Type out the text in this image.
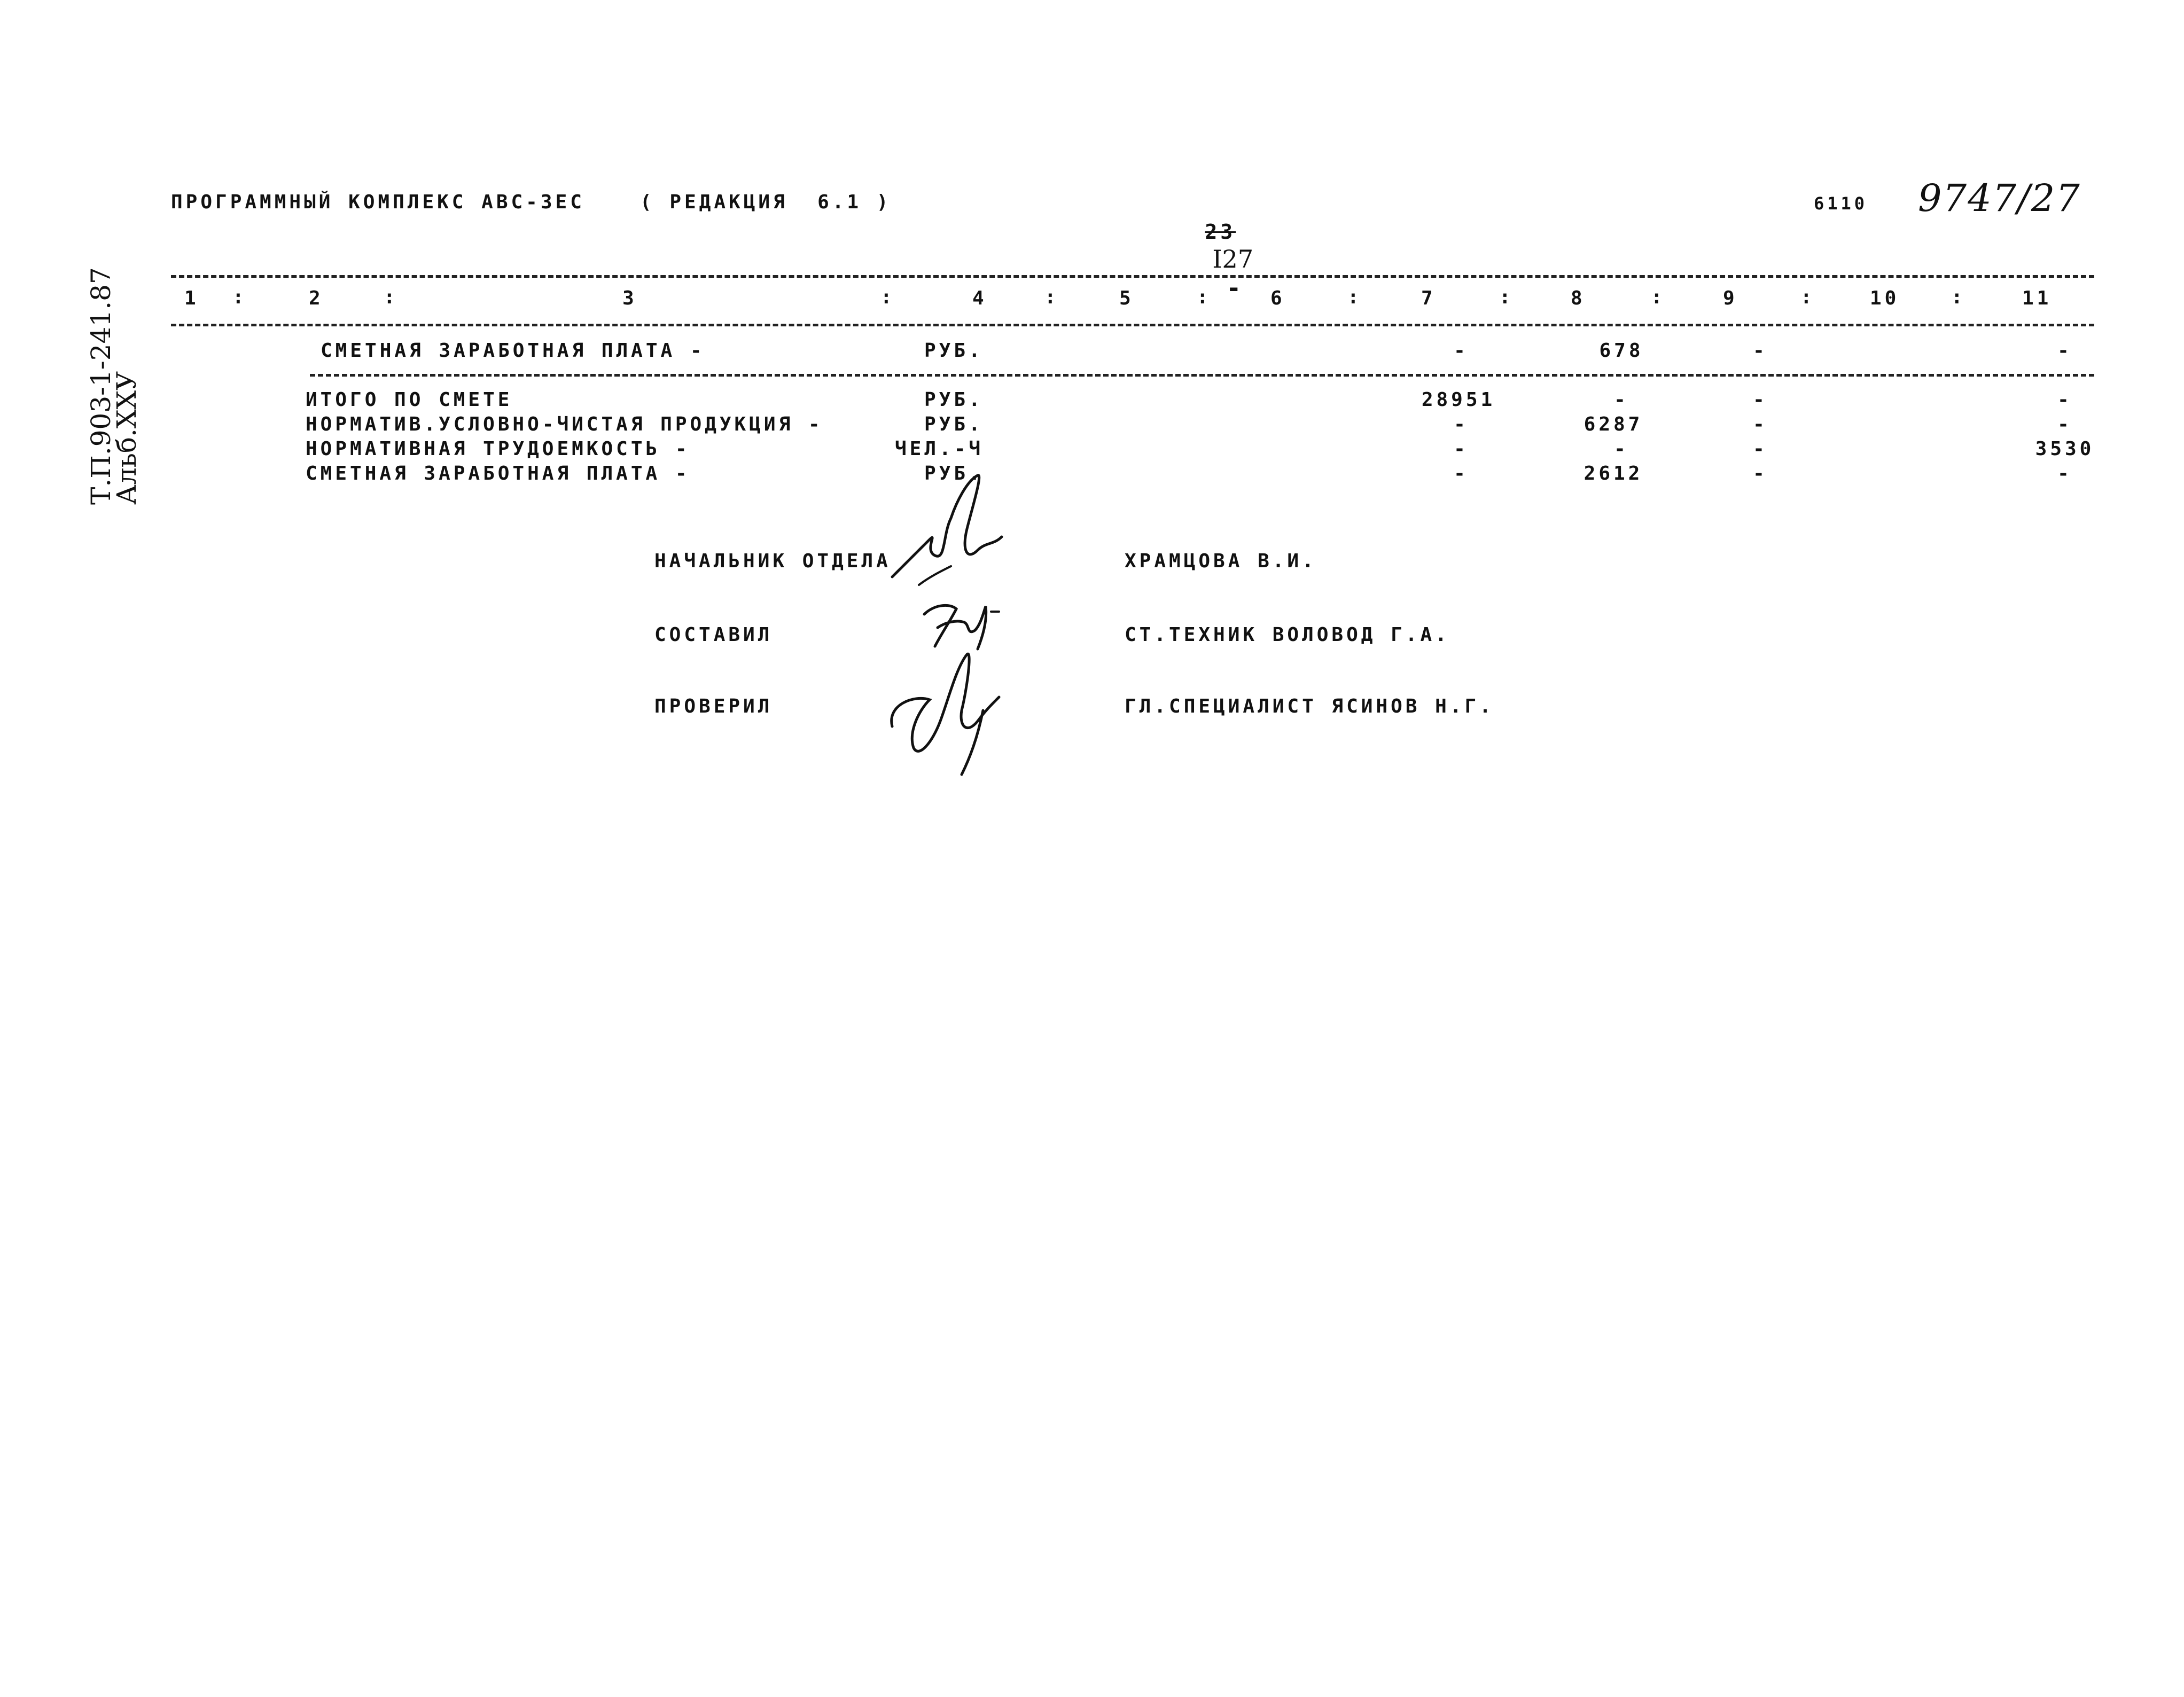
Т.П.903-1-241.87
Альб.XXУ
ПРОГРАММНЫЙ КОМПЛЕКС АВС-3ЕС	( РЕДАКЦИЯ  6.1 )

23
I27
-

6110 9747/27
1 :	2	:	3	:	4	:	5	:	6	:	7	:	8	:	9	:	10	:	11
СМЕТНАЯ ЗАРАБОТНАЯ ПЛАТА -	РУБ.	-	678	-	-
ИТОГО ПО СМЕТЕ	РУБ.	28951	-	-	-
НОРМАТИВ.УСЛОВНО-ЧИСТАЯ ПРОДУКЦИЯ -	РУБ.	-	6287	-	-
НОРМАТИВНАЯ ТРУДОЕМКОСТЬ -	ЧЕЛ.-Ч	-	-	-	3530
СМЕТНАЯ ЗАРАБОТНАЯ ПЛАТА -	РУБ.	-	2612	-	-
НАЧАЛЬНИК ОТДЕЛА	ХРАМЦОВА В.И.
СОСТАВИЛ	СТ.ТЕХНИК ВОЛОВОД Г.А.
ПРОВЕРИЛ	ГЛ.СПЕЦИАЛИСТ ЯСИНОВ Н.Г.
